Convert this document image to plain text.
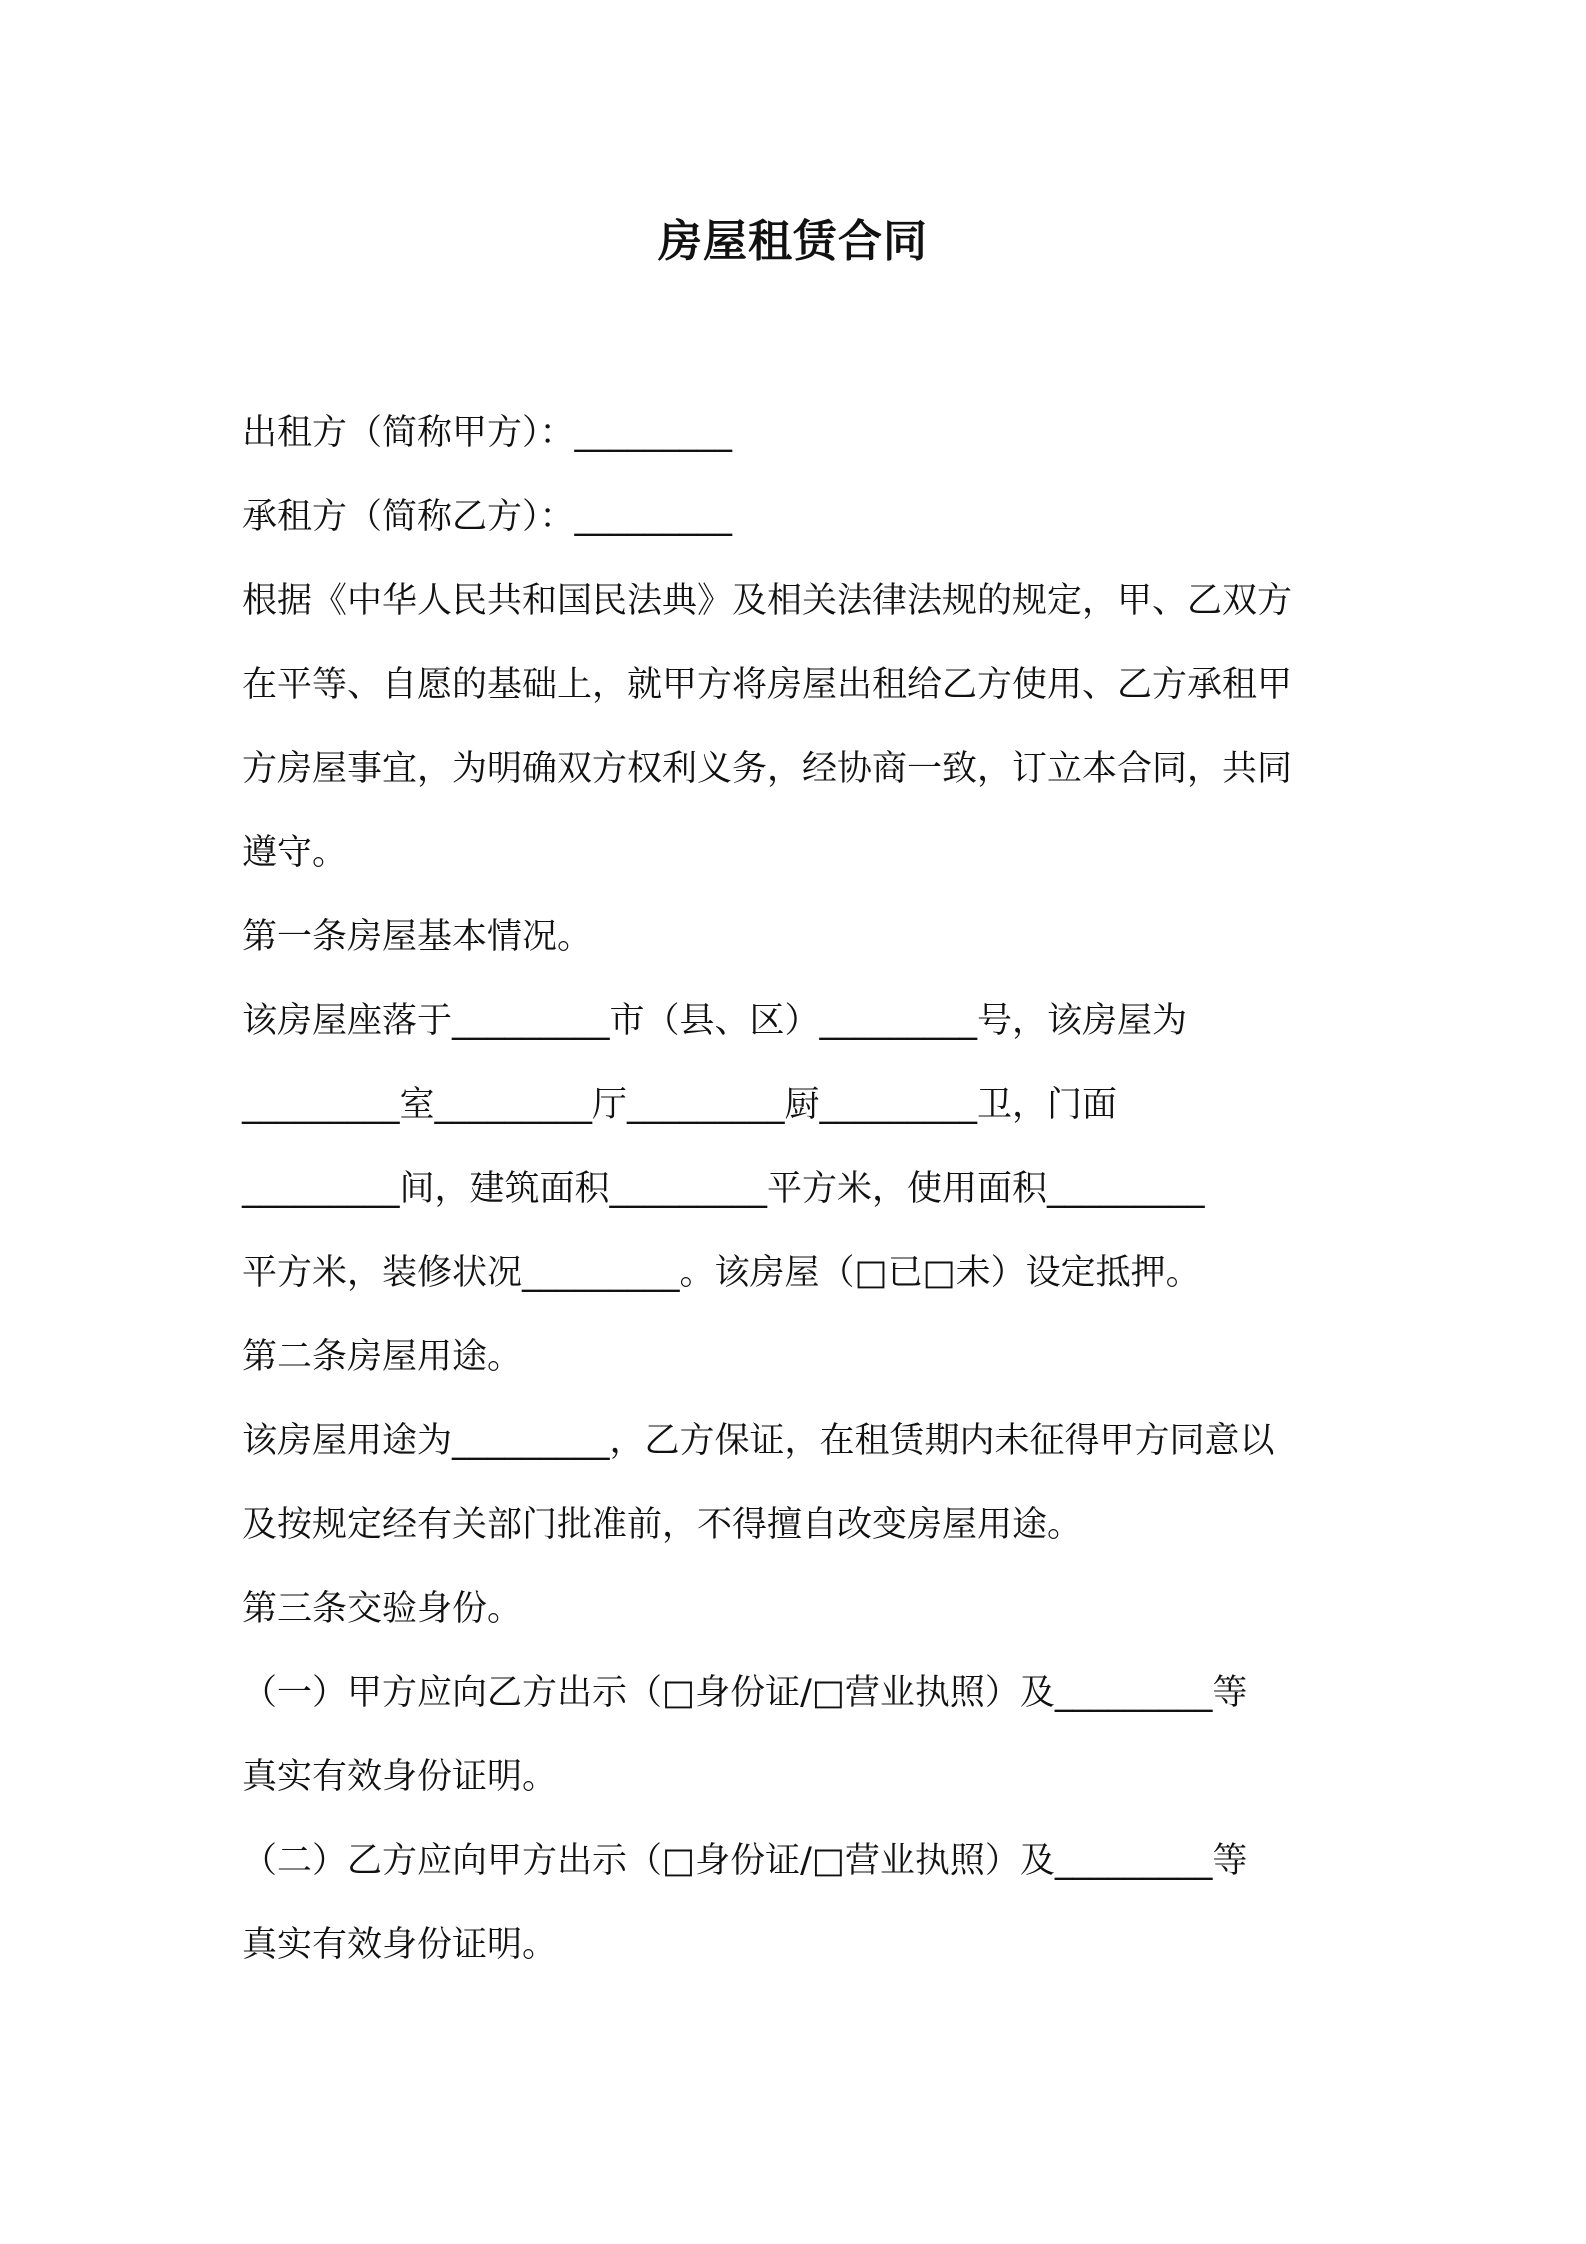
房屋租赁合同
出租方（简称甲方）：_________
承租方（简称乙方）：_________
根据《中华人民共和国民法典》及相关法律法规的规定，甲、乙双方
在平等、自愿的基础上，就甲方将房屋出租给乙方使用、乙方承租甲
方房屋事宜，为明确双方权利义务，经协商一致，订立本合同，共同
遵守。
第一条房屋基本情况。
该房屋座落于_________市（县、区）_________号，该房屋为
_________室_________厅_________厨_________卫，门面
_________间，建筑面积_________平方米，使用面积_________
平方米，装修状况_________。该房屋（□已□未）设定抵押。
第二条房屋用途。
该房屋用途为_________，乙方保证，在租赁期内未征得甲方同意以
及按规定经有关部门批准前，不得擅自改变房屋用途。
第三条交验身份。
（一）甲方应向乙方出示（□身份证/□营业执照）及_________等
真实有效身份证明。
（二）乙方应向甲方出示（□身份证/□营业执照）及_________等
真实有效身份证明。
